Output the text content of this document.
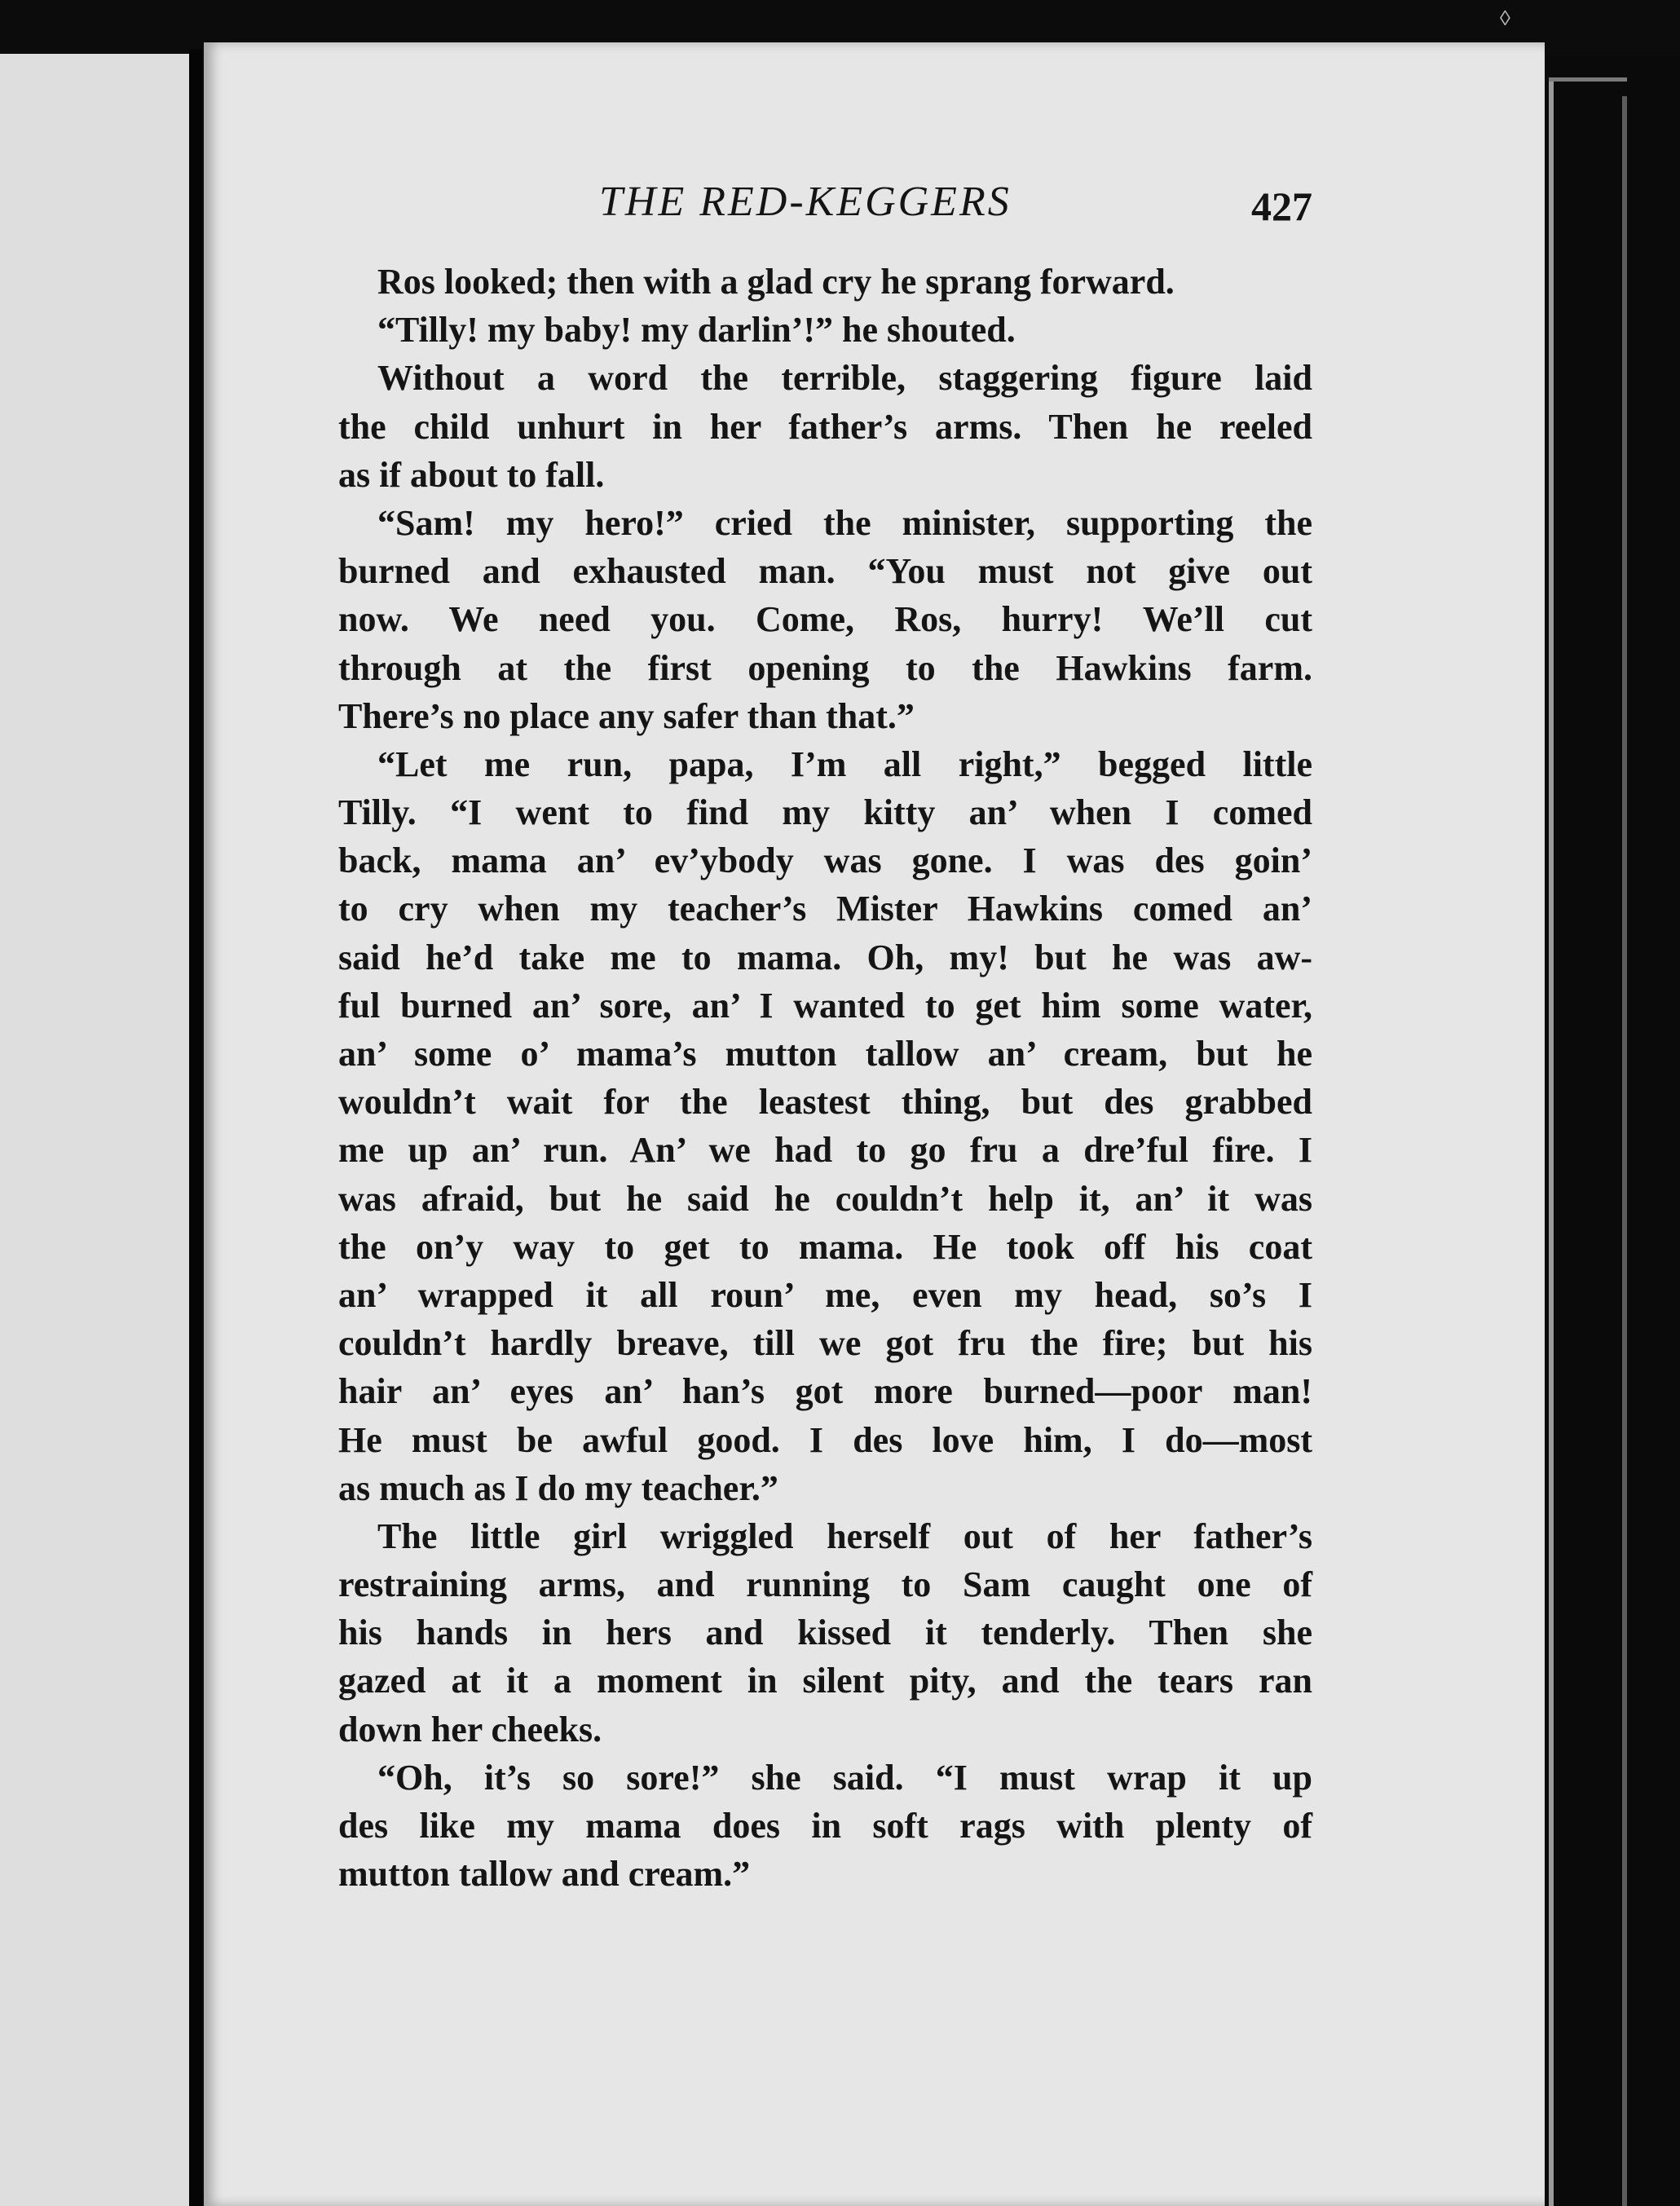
◊
THE RED-KEGGERS	427
Ros looked; then with a glad cry he sprang forward.
“Tilly! my baby! my darlin’!” he shouted.
Without a word the terrible, staggering figure laid
the child unhurt in her father’s arms. Then he reeled
as if about to fall.
“Sam! my hero!” cried the minister, supporting the
burned and exhausted man. “You must not give out
now. We need you. Come, Ros, hurry! We’ll cut
through at the first opening to the Hawkins farm.
There’s no place any safer than that.”
“Let me run, papa, I’m all right,” begged little
Tilly. “I went to find my kitty an’ when I comed
back, mama an’ ev’ybody was gone. I was des goin’
to cry when my teacher’s Mister Hawkins comed an’
said he’d take me to mama. Oh, my! but he was aw-
ful burned an’ sore, an’ I wanted to get him some water,
an’ some o’ mama’s mutton tallow an’ cream, but he
wouldn’t wait for the leastest thing, but des grabbed
me up an’ run. An’ we had to go fru a dre’ful fire. I
was afraid, but he said he couldn’t help it, an’ it was
the on’y way to get to mama. He took off his coat
an’ wrapped it all roun’ me, even my head, so’s I
couldn’t hardly breave, till we got fru the fire; but his
hair an’ eyes an’ han’s got more burned—poor man!
He must be awful good. I des love him, I do—most
as much as I do my teacher.”
The little girl wriggled herself out of her father’s
restraining arms, and running to Sam caught one of
his hands in hers and kissed it tenderly. Then she
gazed at it a moment in silent pity, and the tears ran
down her cheeks.
“Oh, it’s so sore!” she said. “I must wrap it up
des like my mama does in soft rags with plenty of
mutton tallow and cream.”
